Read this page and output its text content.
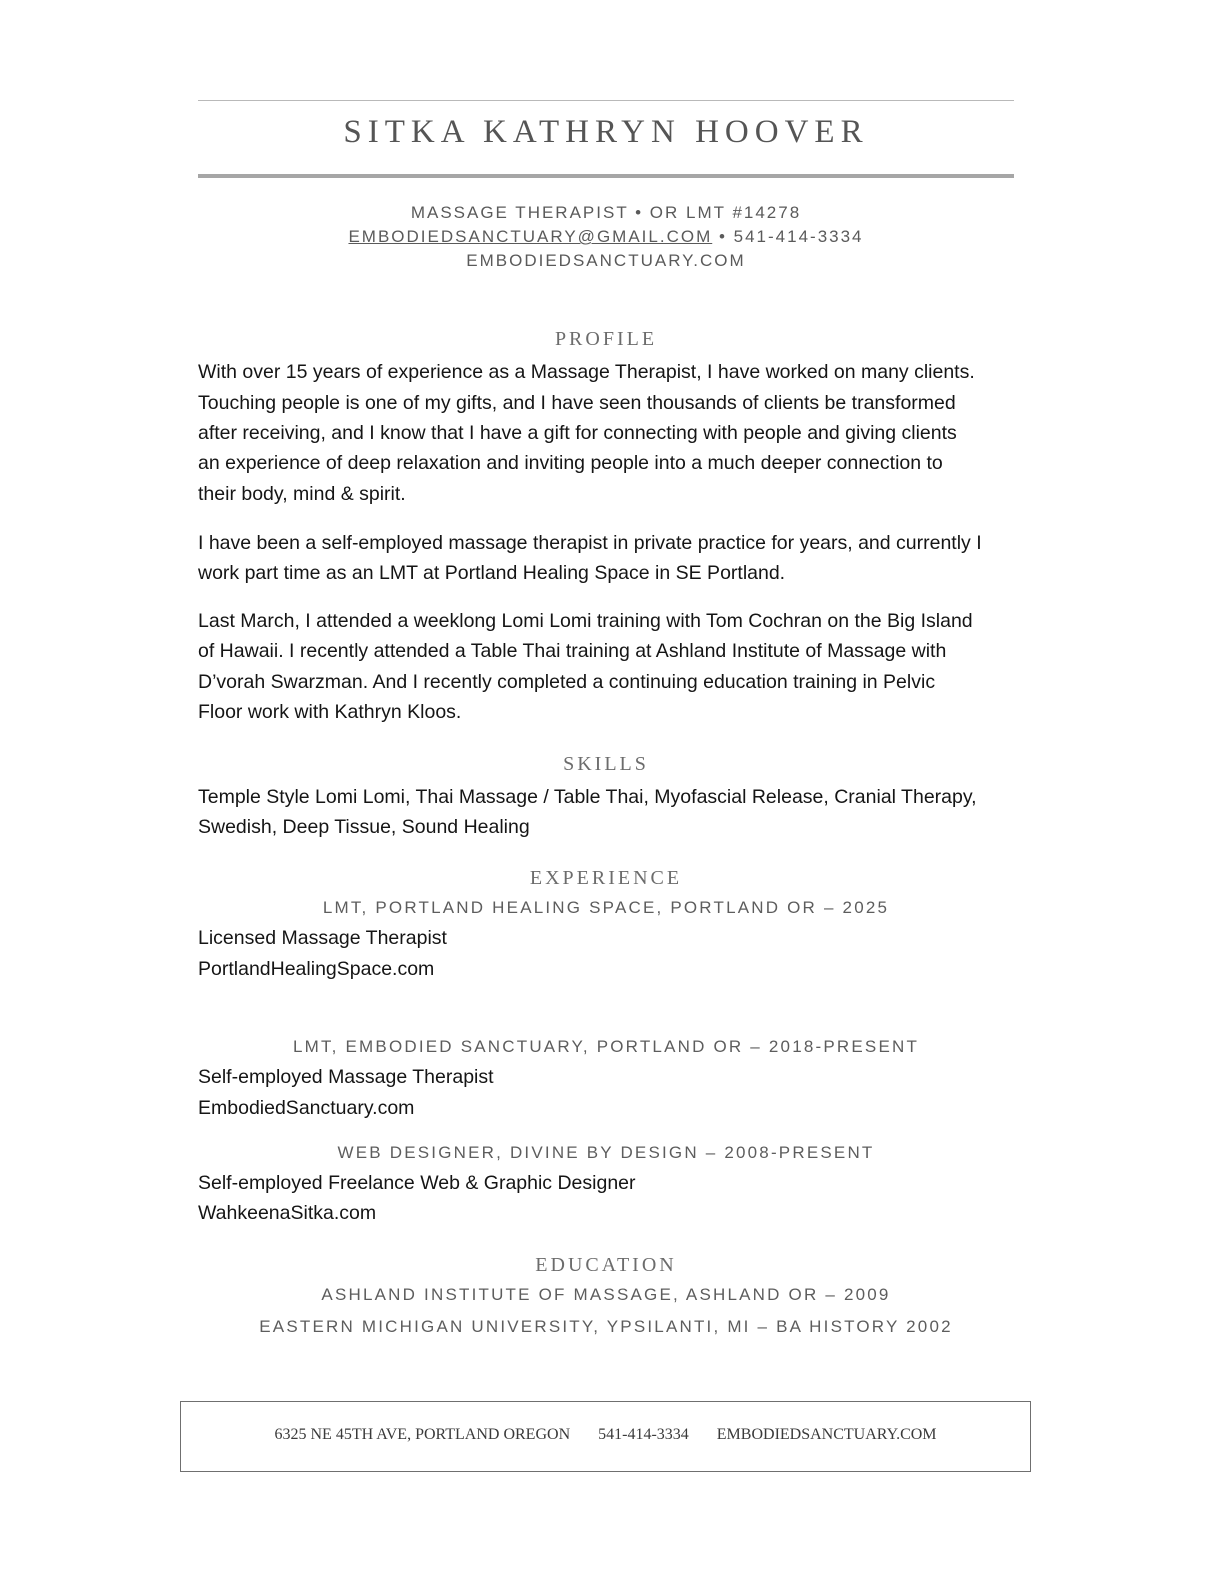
SITKA KATHRYN HOOVER
MASSAGE THERAPIST • OR LMT #14278
EMBODIEDSANCTUARY@GMAIL.COM • 541-414-3334
EMBODIEDSANCTUARY.COM
PROFILE
With over 15 years of experience as a Massage Therapist, I have worked on many clients.
Touching people is one of my gifts, and I have seen thousands of clients be transformed
after receiving, and I know that I have a gift for connecting with people and giving clients
an experience of deep relaxation and inviting people into a much deeper connection to
their body, mind & spirit.
I have been a self-employed massage therapist in private practice for years, and currently I
work part time as an LMT at Portland Healing Space in SE Portland.
Last March, I attended a weeklong Lomi Lomi training with Tom Cochran on the Big Island
of Hawaii. I recently attended a Table Thai training at Ashland Institute of Massage with
D’vorah Swarzman. And I recently completed a continuing education training in Pelvic
Floor work with Kathryn Kloos.
SKILLS
Temple Style Lomi Lomi, Thai Massage / Table Thai, Myofascial Release, Cranial Therapy,
Swedish, Deep Tissue, Sound Healing
EXPERIENCE
LMT, PORTLAND HEALING SPACE, PORTLAND OR – 2025
Licensed Massage Therapist
PortlandHealingSpace.com
LMT, EMBODIED SANCTUARY, PORTLAND OR – 2018-PRESENT
Self-employed Massage Therapist
EmbodiedSanctuary.com
WEB DESIGNER, DIVINE BY DESIGN – 2008-PRESENT
Self-employed Freelance Web & Graphic Designer
WahkeenaSitka.com
EDUCATION
ASHLAND INSTITUTE OF MASSAGE, ASHLAND OR – 2009
EASTERN MICHIGAN UNIVERSITY, YPSILANTI, MI – BA HISTORY 2002
6325 NE 45TH AVE, PORTLAND OREGON 541-414-3334 EMBODIEDSANCTUARY.COM
